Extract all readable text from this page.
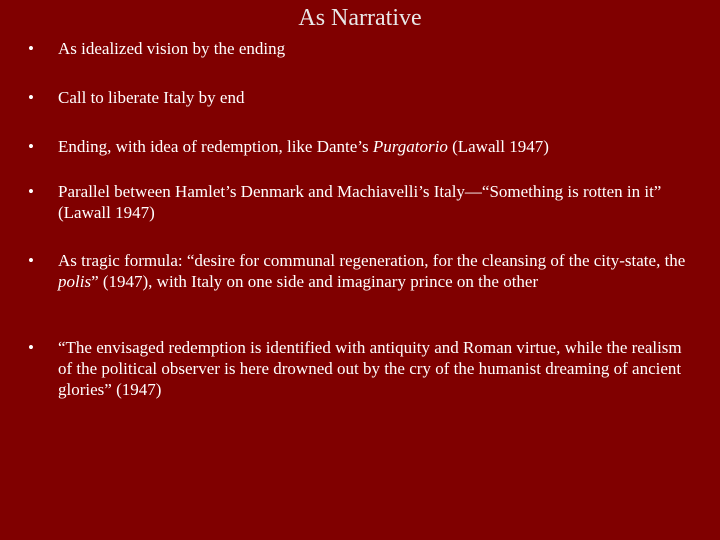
As Narrative
•	As idealized vision by the ending
•	Call to liberate Italy by end
•	Ending, with idea of redemption, like Dante’s Purgatorio (Lawall 1947)
•	Parallel between Hamlet’s Denmark and Machiavelli’s Italy—“Something is rotten in it” (Lawall 1947)
•	As tragic formula: “desire for communal regeneration, for the cleansing of the city-state, the polis” (1947), with Italy on one side and imaginary prince on the other
•	“The envisaged redemption is identified with antiquity and Roman virtue, while the realism of the political observer is here drowned out by the cry of the humanist dreaming of ancient glories” (1947)
